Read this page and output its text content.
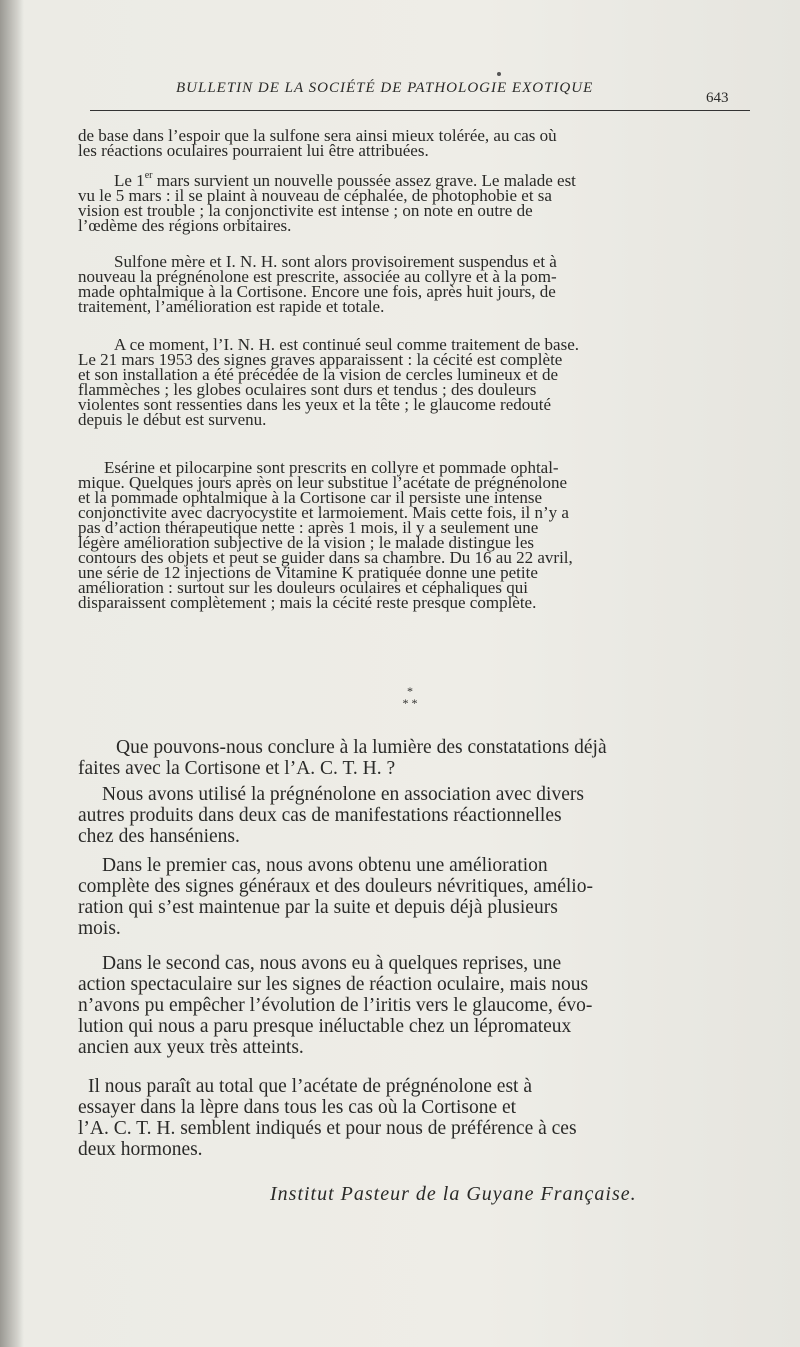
BULLETIN DE LA SOCIÉTÉ DE PATHOLOGIE EXOTIQUE
643

de base dans l’espoir que la sulfone sera ainsi mieux tolérée, au cas où
les réactions oculaires pourraient lui être attribuées.

Le 1er mars survient un nouvelle poussée assez grave. Le malade est
vu le 5 mars : il se plaint à nouveau de céphalée, de photophobie et sa
vision est trouble ; la conjonctivite est intense ; on note en outre de
l’œdème des régions orbitaires.

Sulfone mère et I. N. H. sont alors provisoirement suspendus et à
nouveau la prégnénolone est prescrite, associée au collyre et à la pom-
made ophtalmique à la Cortisone. Encore une fois, après huit jours, de
traitement, l’amélioration est rapide et totale.

A ce moment, l’I. N. H. est continué seul comme traitement de base.
Le 21 mars 1953 des signes graves apparaissent : la cécité est complète
et son installation a été précédée de la vision de cercles lumineux et de
flammèches ; les globes oculaires sont durs et tendus ; des douleurs
violentes sont ressenties dans les yeux et la tête ; le glaucome redouté
depuis le début est survenu.

Esérine et pilocarpine sont prescrits en collyre et pommade ophtal-
mique. Quelques jours après on leur substitue l’acétate de prégnénolone
et la pommade ophtalmique à la Cortisone car il persiste une intense
conjonctivite avec dacryocystite et larmoiement. Mais cette fois, il n’y a
pas d’action thérapeutique nette : après 1 mois, il y a seulement une
légère amélioration subjective de la vision ; le malade distingue les
contours des objets et peut se guider dans sa chambre. Du 16 au 22 avril,
une série de 12 injections de Vitamine K pratiquée donne une petite
amélioration : surtout sur les douleurs oculaires et céphaliques qui
disparaissent complètement ; mais la cécité reste presque complète.

*
* *

Que pouvons-nous conclure à la lumière des constatations déjà
faites avec la Cortisone et l’A. C. T. H. ?

Nous avons utilisé la prégnénolone en association avec divers
autres produits dans deux cas de manifestations réactionnelles
chez des hanséniens.

Dans le premier cas, nous avons obtenu une amélioration
complète des signes généraux et des douleurs névritiques, amélio-
ration qui s’est maintenue par la suite et depuis déjà plusieurs
mois.

Dans le second cas, nous avons eu à quelques reprises, une
action spectaculaire sur les signes de réaction oculaire, mais nous
n’avons pu empêcher l’évolution de l’iritis vers le glaucome, évo-
lution qui nous a paru presque inéluctable chez un lépromateux
ancien aux yeux très atteints.

Il nous paraît au total que l’acétate de prégnénolone est à
essayer dans la lèpre dans tous les cas où la Cortisone et
l’A. C. T. H. semblent indiqués et pour nous de préférence à ces
deux hormones.

Institut Pasteur de la Guyane Française.
